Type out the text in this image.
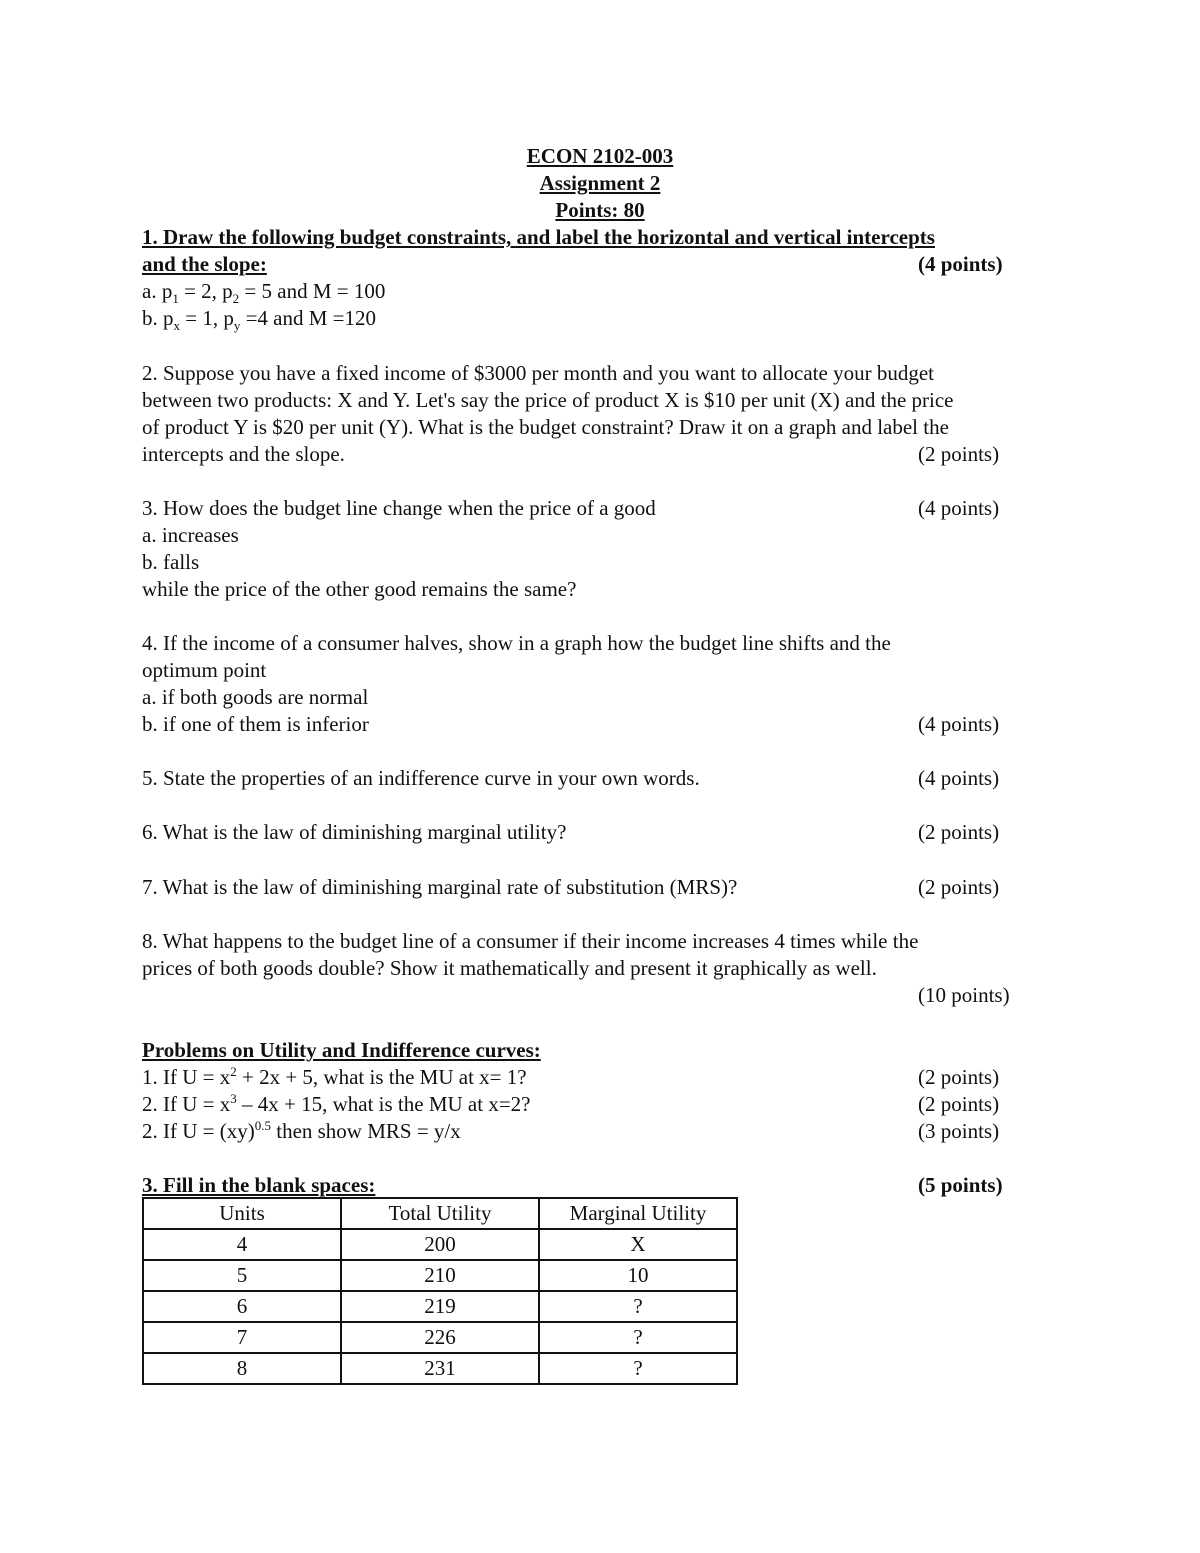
ECON 2102-003
Assignment 2
Points: 80
1. Draw the following budget constraints, and label the horizontal and vertical intercepts
and the slope:	(4 points)
a. $p_1 = 2$, $p_2 = 5$ and M = 100
b. $p_x = 1$, $p_y =4$ and M =120
2. Suppose you have a fixed income of $3000 per month and you want to allocate your budget
between two products: X and Y. Let's say the price of product X is $10 per unit (X) and the price
of product Y is $20 per unit (Y). What is the budget constraint? Draw it on a graph and label the
intercepts and the slope.	(2 points)
3. How does the budget line change when the price of a good	(4 points)
a. increases
b. falls
while the price of the other good remains the same?
4. If the income of a consumer halves, show in a graph how the budget line shifts and the
optimum point
a. if both goods are normal
b. if one of them is inferior	(4 points)
5. State the properties of an indifference curve in your own words.	(4 points)
6. What is the law of diminishing marginal utility?	(2 points)
7. What is the law of diminishing marginal rate of substitution (MRS)?	(2 points)
8. What happens to the budget line of a consumer if their income increases 4 times while the
prices of both goods double? Show it mathematically and present it graphically as well.
(10 points)
Problems on Utility and Indifference curves:
1. If $U = x^2 + 2x + 5$, what is the MU at x= 1?	(2 points)
2. If $U = x^3 - 4x + 15$, what is the MU at x=2?	(2 points)
2. If U = (xy)$^{0.5}$ then show MRS = y/x	(3 points)
3. Fill in the blank spaces:	(5 points)
Units	Total Utility	Marginal Utility
4	200	X
5	210	10
6	219	?
7	226	?
8	231	?
